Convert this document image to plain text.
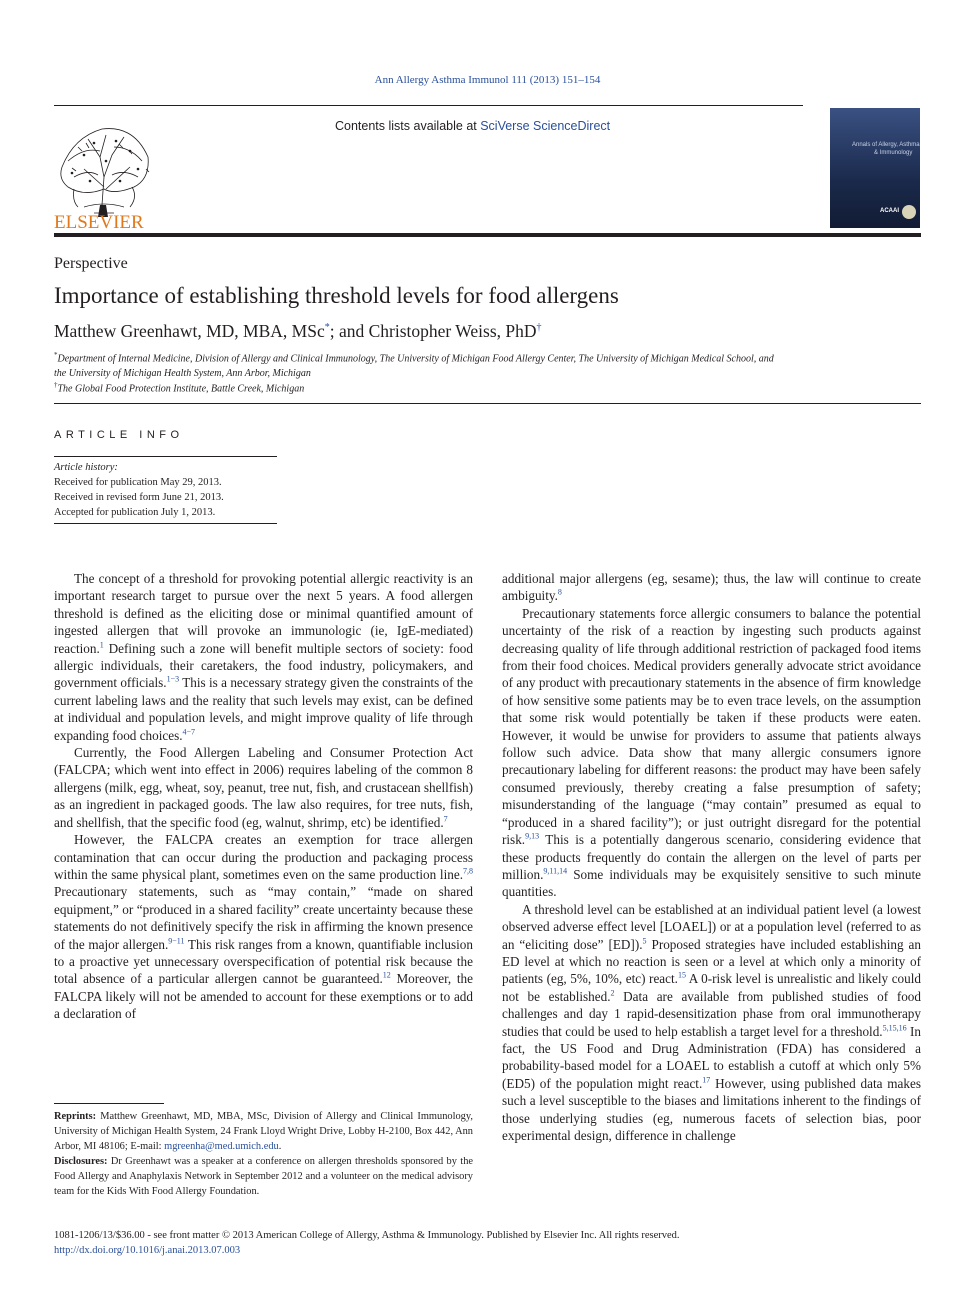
Ann Allergy Asthma Immunol 111 (2013) 151–154
ELSEVIER
Contents lists available at SciVerse ScienceDirect
Annals of Allergy, Asthma
& Immunology
ACAAI
Perspective
Importance of establishing threshold levels for food allergens
Matthew Greenhawt, MD, MBA, MSc*; and Christopher Weiss, PhD†
*Department of Internal Medicine, Division of Allergy and Clinical Immunology, The University of Michigan Food Allergy Center, The University of Michigan Medical School, and
the University of Michigan Health System, Ann Arbor, Michigan
†The Global Food Protection Institute, Battle Creek, Michigan
ARTICLE INFO
Article history:
Received for publication May 29, 2013.
Received in revised form June 21, 2013.
Accepted for publication July 1, 2013.

The concept of a threshold for provoking potential allergic reactivity is an important research target to pursue over the next 5 years. A food allergen threshold is defined as the eliciting dose or minimal quantified amount of ingested allergen that will provoke an immunologic (ie, IgE-mediated) reaction.$^1$ Defining such a zone will benefit multiple sectors of society: food allergic individuals, their caretakers, the food industry, policymakers, and government officials.$^{1-3}$ This is a necessary strategy given the constraints of the current labeling laws and the reality that such levels may exist, can be defined at individual and population levels, and might improve quality of life through expanding food choices.$^{4-7}$

Currently, the Food Allergen Labeling and Consumer Protection Act (FALCPA; which went into effect in 2006) requires labeling of the common 8 allergens (milk, egg, wheat, soy, peanut, tree nut, fish, and crustacean shellfish) as an ingredient in packaged goods. The law also requires, for tree nuts, fish, and shellfish, that the specific food (eg, walnut, shrimp, etc) be identified.$^7$

However, the FALCPA creates an exemption for trace allergen contamination that can occur during the production and packaging process within the same physical plant, sometimes even on the same production line.$^{7,8}$ Precautionary statements, such as “may contain,” “made on shared equipment,” or “produced in a shared facility” create uncertainty because these statements do not definitively specify the risk in affirming the known presence of the major allergen.$^{9-11}$ This risk ranges from a known, quantifiable inclusion to a proactive yet unnecessary overspecification of potential risk because the total absence of a particular allergen cannot be guaranteed.$^{12}$ Moreover, the FALCPA likely will not be amended to account for these exemptions or to add a declaration of

additional major allergens (eg, sesame); thus, the law will continue to create ambiguity.$^8$

Precautionary statements force allergic consumers to balance the potential uncertainty of the risk of a reaction by ingesting such products against decreasing quality of life through additional restriction of packaged food items from their food choices. Medical providers generally advocate strict avoidance of any product with precautionary statements in the absence of firm knowledge of how sensitive some patients may be to even trace levels, on the assumption that some risk would potentially be taken if these products were eaten. However, it would be unwise for providers to assume that patients always follow such advice. Data show that many allergic consumers ignore precautionary labeling for different reasons: the product may have been safely consumed previously, thereby creating a false presumption of safety; misunderstanding of the language (“may contain” presumed as equal to “produced in a shared facility”); or just outright disregard for the potential risk.$^{9,13}$ This is a potentially dangerous scenario, considering evidence that these products frequently do contain the allergen on the level of parts per million.$^{9,11,14}$ Some individuals may be exquisitely sensitive to such minute quantities.

A threshold level can be established at an individual patient level (a lowest observed adverse effect level [LOAEL]) or at a population level (referred to as an “eliciting dose” [ED]).$^5$ Proposed strategies have included establishing an ED level at which no reaction is seen or a level at which only a minority of patients (eg, 5%, 10%, etc) react.$^{15}$ A 0-risk level is unrealistic and likely could not be established.$^2$ Data are available from published studies of food challenges and day 1 rapid-desensitization phase from oral immunotherapy studies that could be used to help establish a target level for a threshold.$^{5,15,16}$ In fact, the US Food and Drug Administration (FDA) has considered a probability-based model for a LOAEL to establish a cutoff at which only 5% (ED5) of the population might react.$^{17}$ However, using published data makes such a level susceptible to the biases and limitations inherent to the findings of those underlying studies (eg, numerous facets of selection bias, poor experimental design, difference in challenge

Reprints: Matthew Greenhawt, MD, MBA, MSc, Division of Allergy and Clinical Immunology, University of Michigan Health System, 24 Frank Lloyd Wright Drive, Lobby H-2100, Box 442, Ann Arbor, MI 48106; E-mail: mgreenha@med.umich.edu.

Disclosures: Dr Greenhawt was a speaker at a conference on allergen thresholds sponsored by the Food Allergy and Anaphylaxis Network in September 2012 and a volunteer on the medical advisory team for the Kids With Food Allergy Foundation.

1081-1206/13/$36.00 - see front matter © 2013 American College of Allergy, Asthma & Immunology. Published by Elsevier Inc. All rights reserved.
http://dx.doi.org/10.1016/j.anai.2013.07.003
